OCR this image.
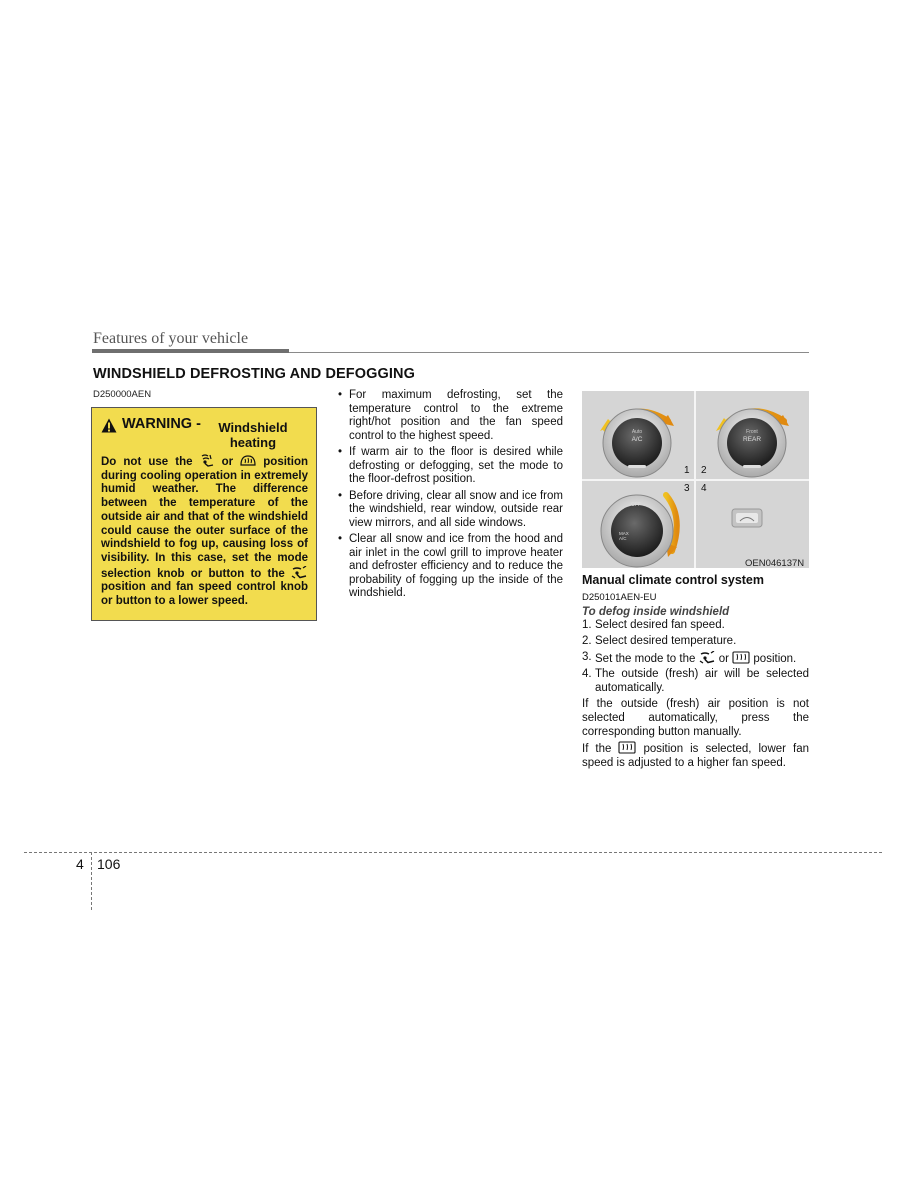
Features of your vehicle
WINDSHIELD DEFROSTING AND DEFOGGING
D250000AEN
WARNING -	Windshield heating
Do not use the  or  position during cooling operation in extremely humid weather. The difference between the temperature of the outside air and that of the windshield could cause the outer surface of the windshield to fog up, causing loss of visibility. In this case, set the mode selection knob or button to the  position and fan speed control knob or button to a lower speed.
• For maximum defrosting, set the temperature control to the extreme right/hot position and the fan speed control to the highest speed.
• If warm air to the floor is desired while defrosting or defogging, set the mode to the floor-defrost position.
• Before driving, clear all snow and ice from the windshield, rear window, outside rear view mirrors, and all side windows.
• Clear all snow and ice from the hood and air inlet in the cowl grill to improve heater and defroster efficiency and to reduce the probability of fogging up the inside of the windshield.
Auto
A/C
Front
REAR
OFF
MAX
A/C
1 2
3 4
OEN046137N
Manual climate control system
D250101AEN-EU
To defog inside windshield
1. Select desired fan speed.
2. Select desired temperature.
3. Set the mode to the  or  position.
4. The outside (fresh) air will be selected automatically.

If the outside (fresh) air position is not selected automatically, press the corresponding button manually.

If the  position is selected, lower fan speed is adjusted to a higher fan speed.

4 106
